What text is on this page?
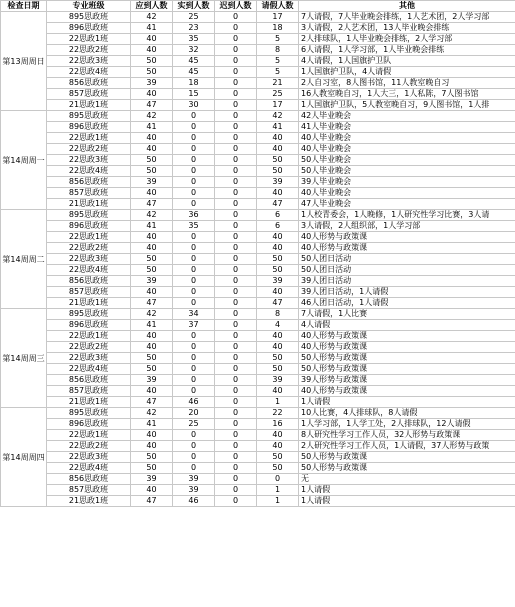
检查日期	专业班级	应到人数	实到人数	迟到人数	请假人数	其他
第13周周日	895思政班	42	25	0	17	7人请假，7人毕业晚会排练，1人艺术团，2人学习部
	896思政班	41	23	0	18	3人请假，2人艺术团，13人毕业晚会排练
	22思政1班	40	35	0	5	2人排球队，1人毕业晚会排练，2人学习部
	22思政2班	40	32	0	8	6人请假，1人学习部，1人毕业晚会排练
	22思政3班	50	45	0	5	4人请假，1人国旗护卫队
	22思政4班	50	45	0	5	1人国旗护卫队，4人请假
	856思政班	39	18	0	21	2人自习室，8人图书馆，11人教室晚自习
	857思政班	40	15	0	25	16人教室晚自习，1人大三，1人私陈，7人图书馆
	21思政1班	47	30	0	17	1人国旗护卫队，5人教室晚自习，9人图书馆，1人排
第14周周一	895思政班	42	0	0	42	42人毕业晚会
	896思政班	41	0	0	41	41人毕业晚会
	22思政1班	40	0	0	40	40人毕业晚会
	22思政2班	40	0	0	40	40人毕业晚会
	22思政3班	50	0	0	50	50人毕业晚会
	22思政4班	50	0	0	50	50人毕业晚会
	856思政班	39	0	0	39	39人毕业晚会
	857思政班	40	0	0	40	40人毕业晚会
	21思政1班	47	0	0	47	47人毕业晚会
第14周周二	895思政班	42	36	0	6	1人校青委会，1人晚修，1人研究性学习比赛，3人请
	896思政班	41	35	0	6	3人请假，2人组织部，1人学习部
	22思政1班	40	0	0	40	40人形势与政策课
	22思政2班	40	0	0	40	40人形势与政策课
	22思政3班	50	0	0	50	50人团日活动
	22思政4班	50	0	0	50	50人团日活动
	856思政班	39	0	0	39	39人团日活动
	857思政班	40	0	0	40	39人团日活动，1人请假
	21思政1班	47	0	0	47	46人团日活动，1人请假
第14周周三	895思政班	42	34	0	8	7人请假，1人比赛
	896思政班	41	37	0	4	4人请假
	22思政1班	40	0	0	40	40人形势与政策课
	22思政2班	40	0	0	40	40人形势与政策课
	22思政3班	50	0	0	50	50人形势与政策课
	22思政4班	50	0	0	50	50人形势与政策课
	856思政班	39	0	0	39	39人形势与政策课
	857思政班	40	0	0	40	40人形势与政策课
	21思政1班	47	46	0	1	1人请假
第14周周四	895思政班	42	20	0	22	10人比赛，4人排球队，8人请假
	896思政班	41	25	0	16	1人学习部，1人学工处，2人排球队，12人请假
	22思政1班	40	0	0	40	8人研究性学习工作人员，32人形势与政策课
	22思政2班	40	0	0	40	2人研究性学习工作人员，1人请假，37人形势与政策
	22思政3班	50	0	0	50	50人形势与政策课
	22思政4班	50	0	0	50	50人形势与政策课
	856思政班	39	39	0	0	无
	857思政班	40	39	0	1	1人请假
	21思政1班	47	46	0	1	1人请假
